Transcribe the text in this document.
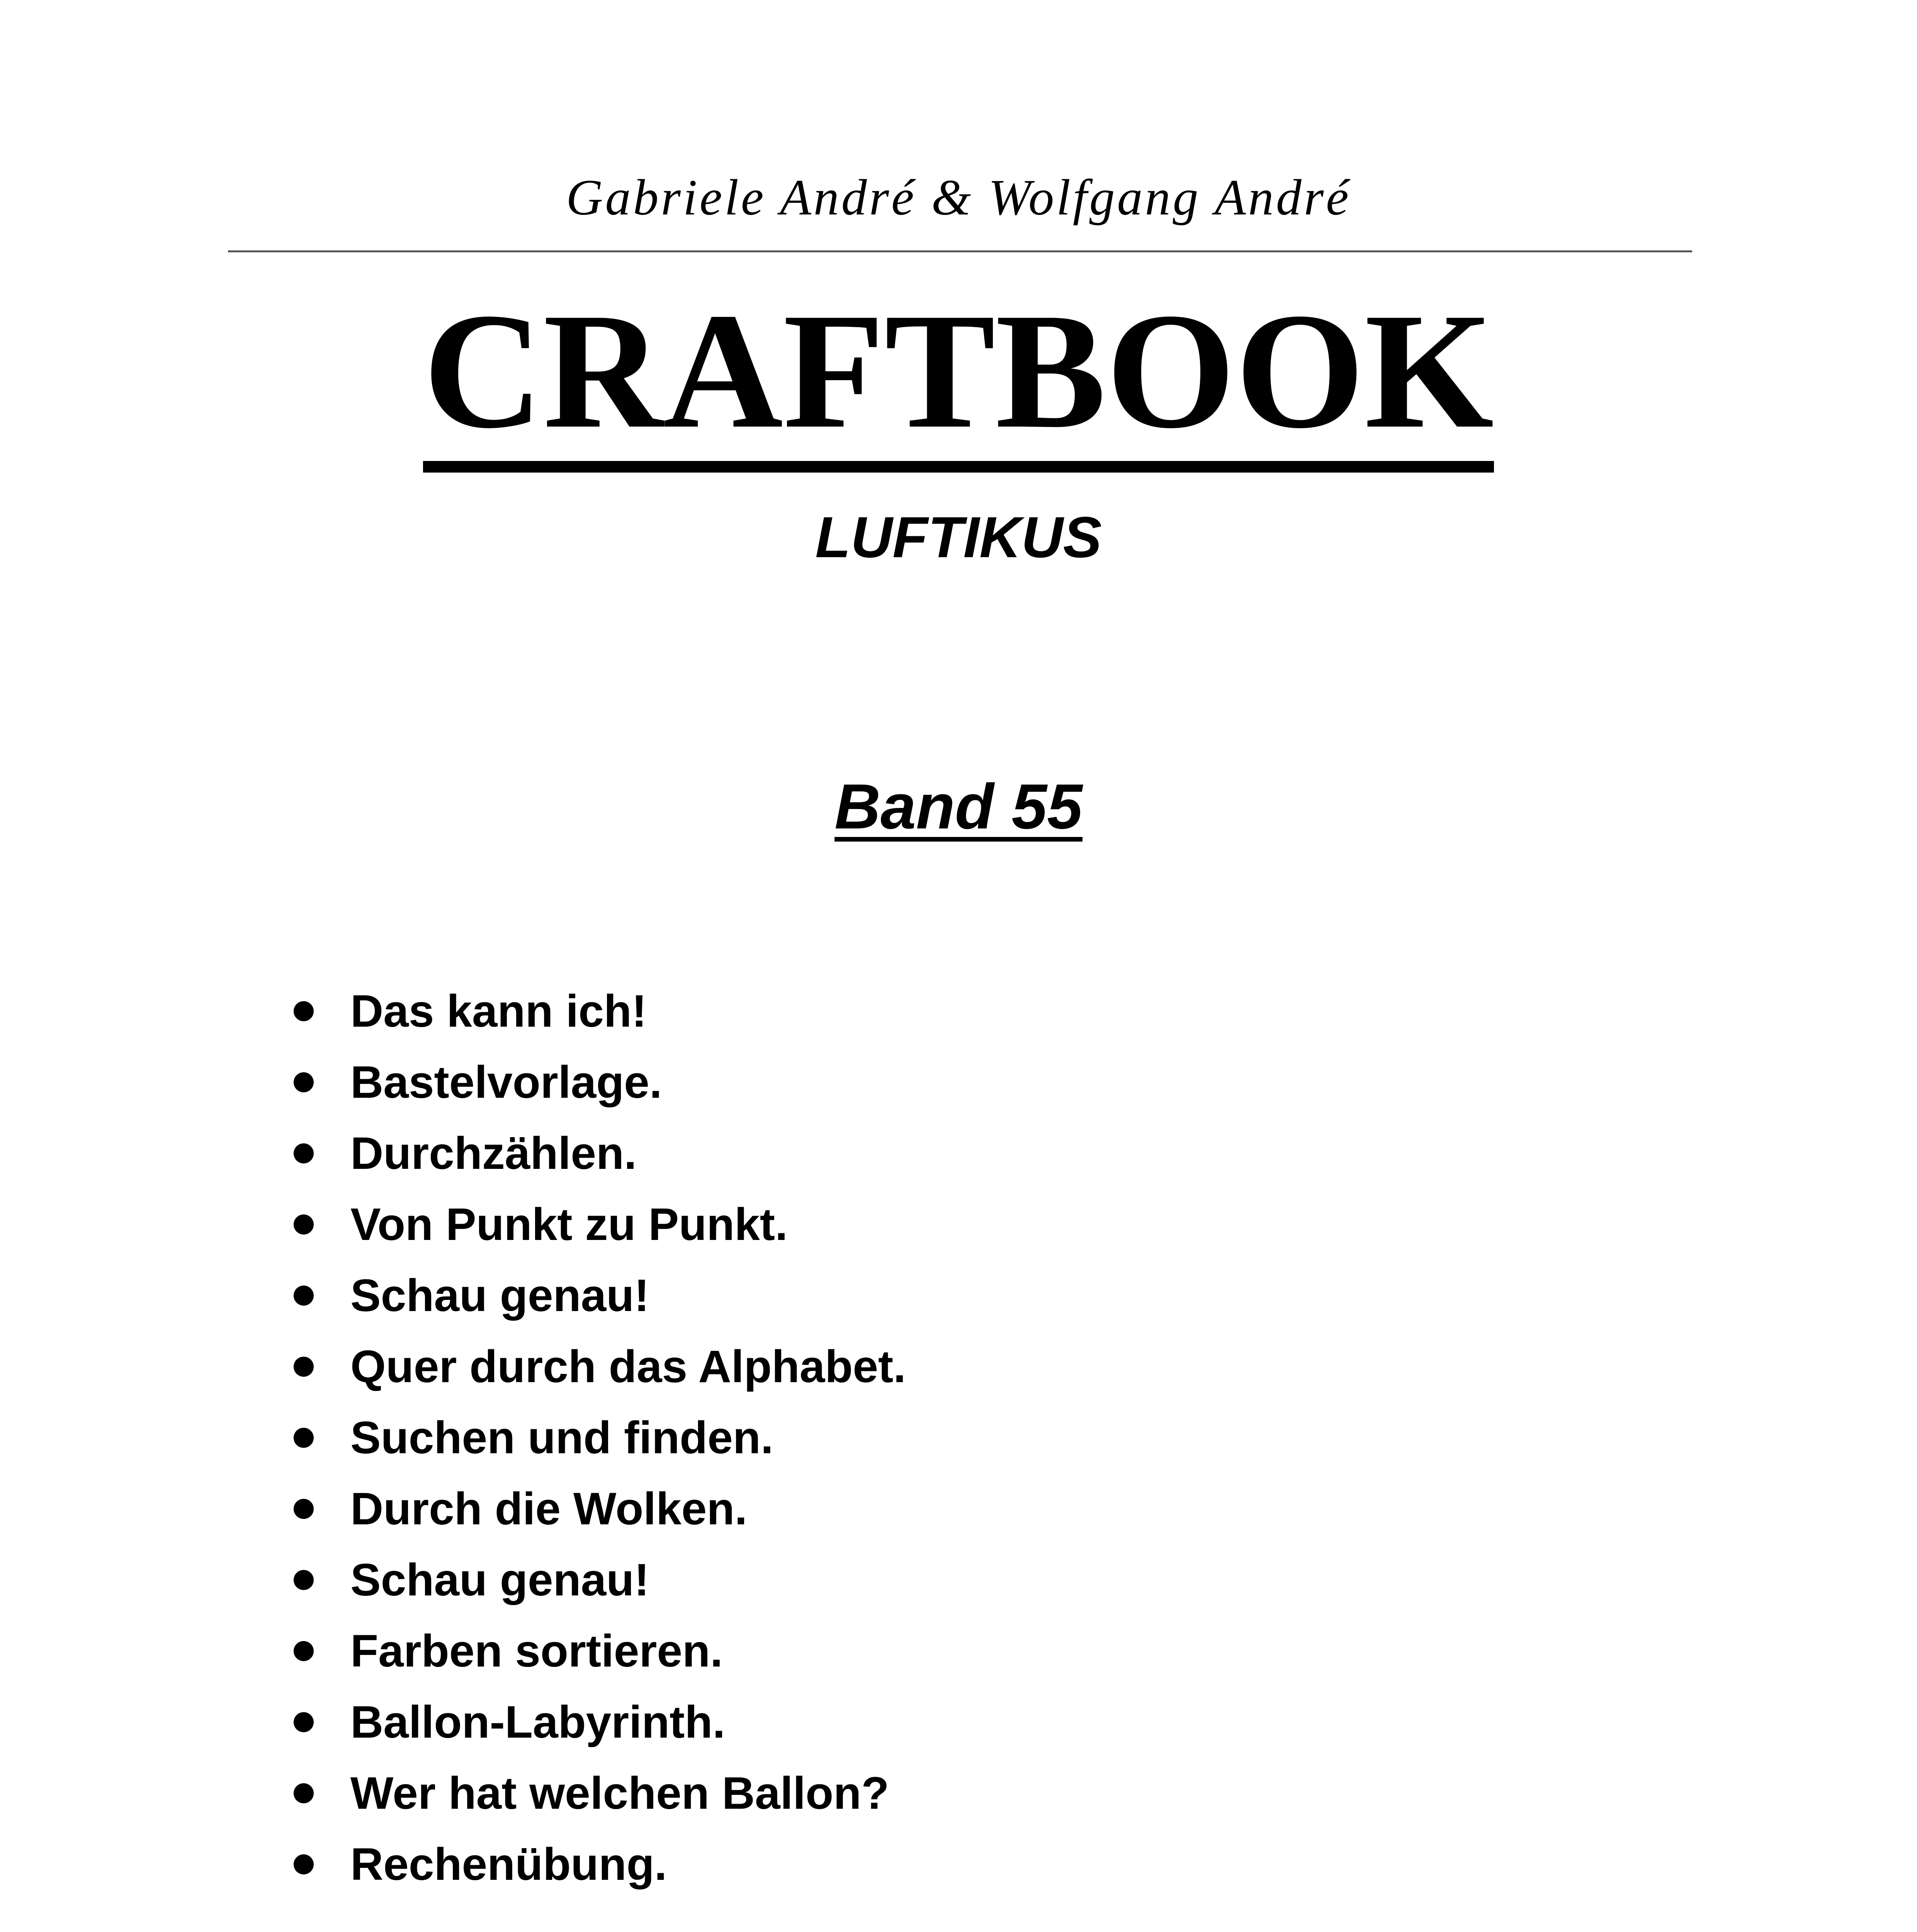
Gabriele André & Wolfgang André
CRAFTBOOK
LUFTIKUS
Band 55
Das kann ich!
Bastelvorlage.
Durchzählen.
Von Punkt zu Punkt.
Schau genau!
Quer durch das Alphabet.
Suchen und finden.
Durch die Wolken.
Schau genau!
Farben sortieren.
Ballon-Labyrinth.
Wer hat welchen Ballon?
Rechenübung.
